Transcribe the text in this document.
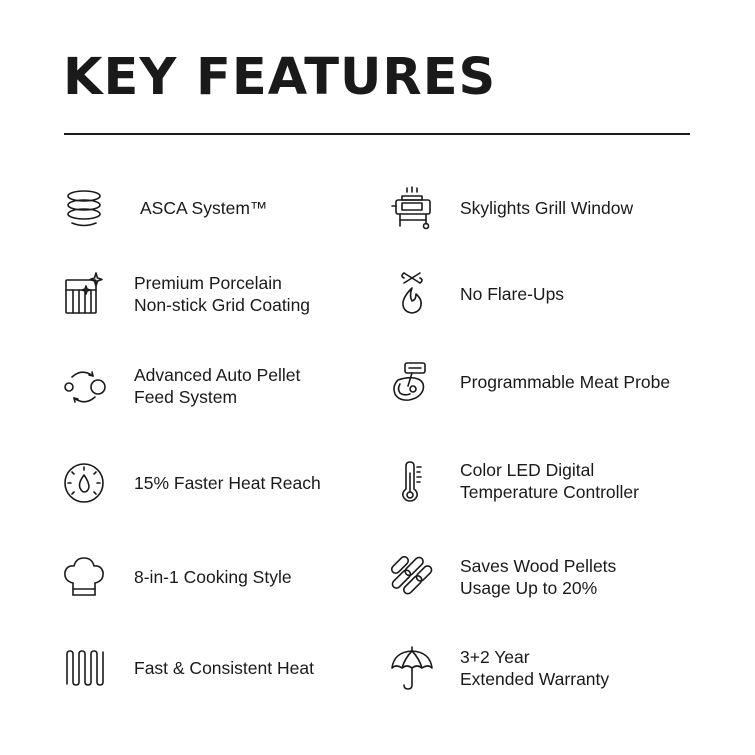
KEY FEATURES
ASCA System™
Premium Porcelain
Non-stick Grid Coating
Advanced Auto Pellet
Feed System
15% Faster Heat Reach
8-in-1 Cooking Style
Fast & Consistent Heat
Skylights Grill Window
No Flare-Ups
Programmable Meat Probe
Color LED Digital
Temperature Controller
Saves Wood Pellets
Usage Up to 20%
3+2 Year
Extended Warranty
